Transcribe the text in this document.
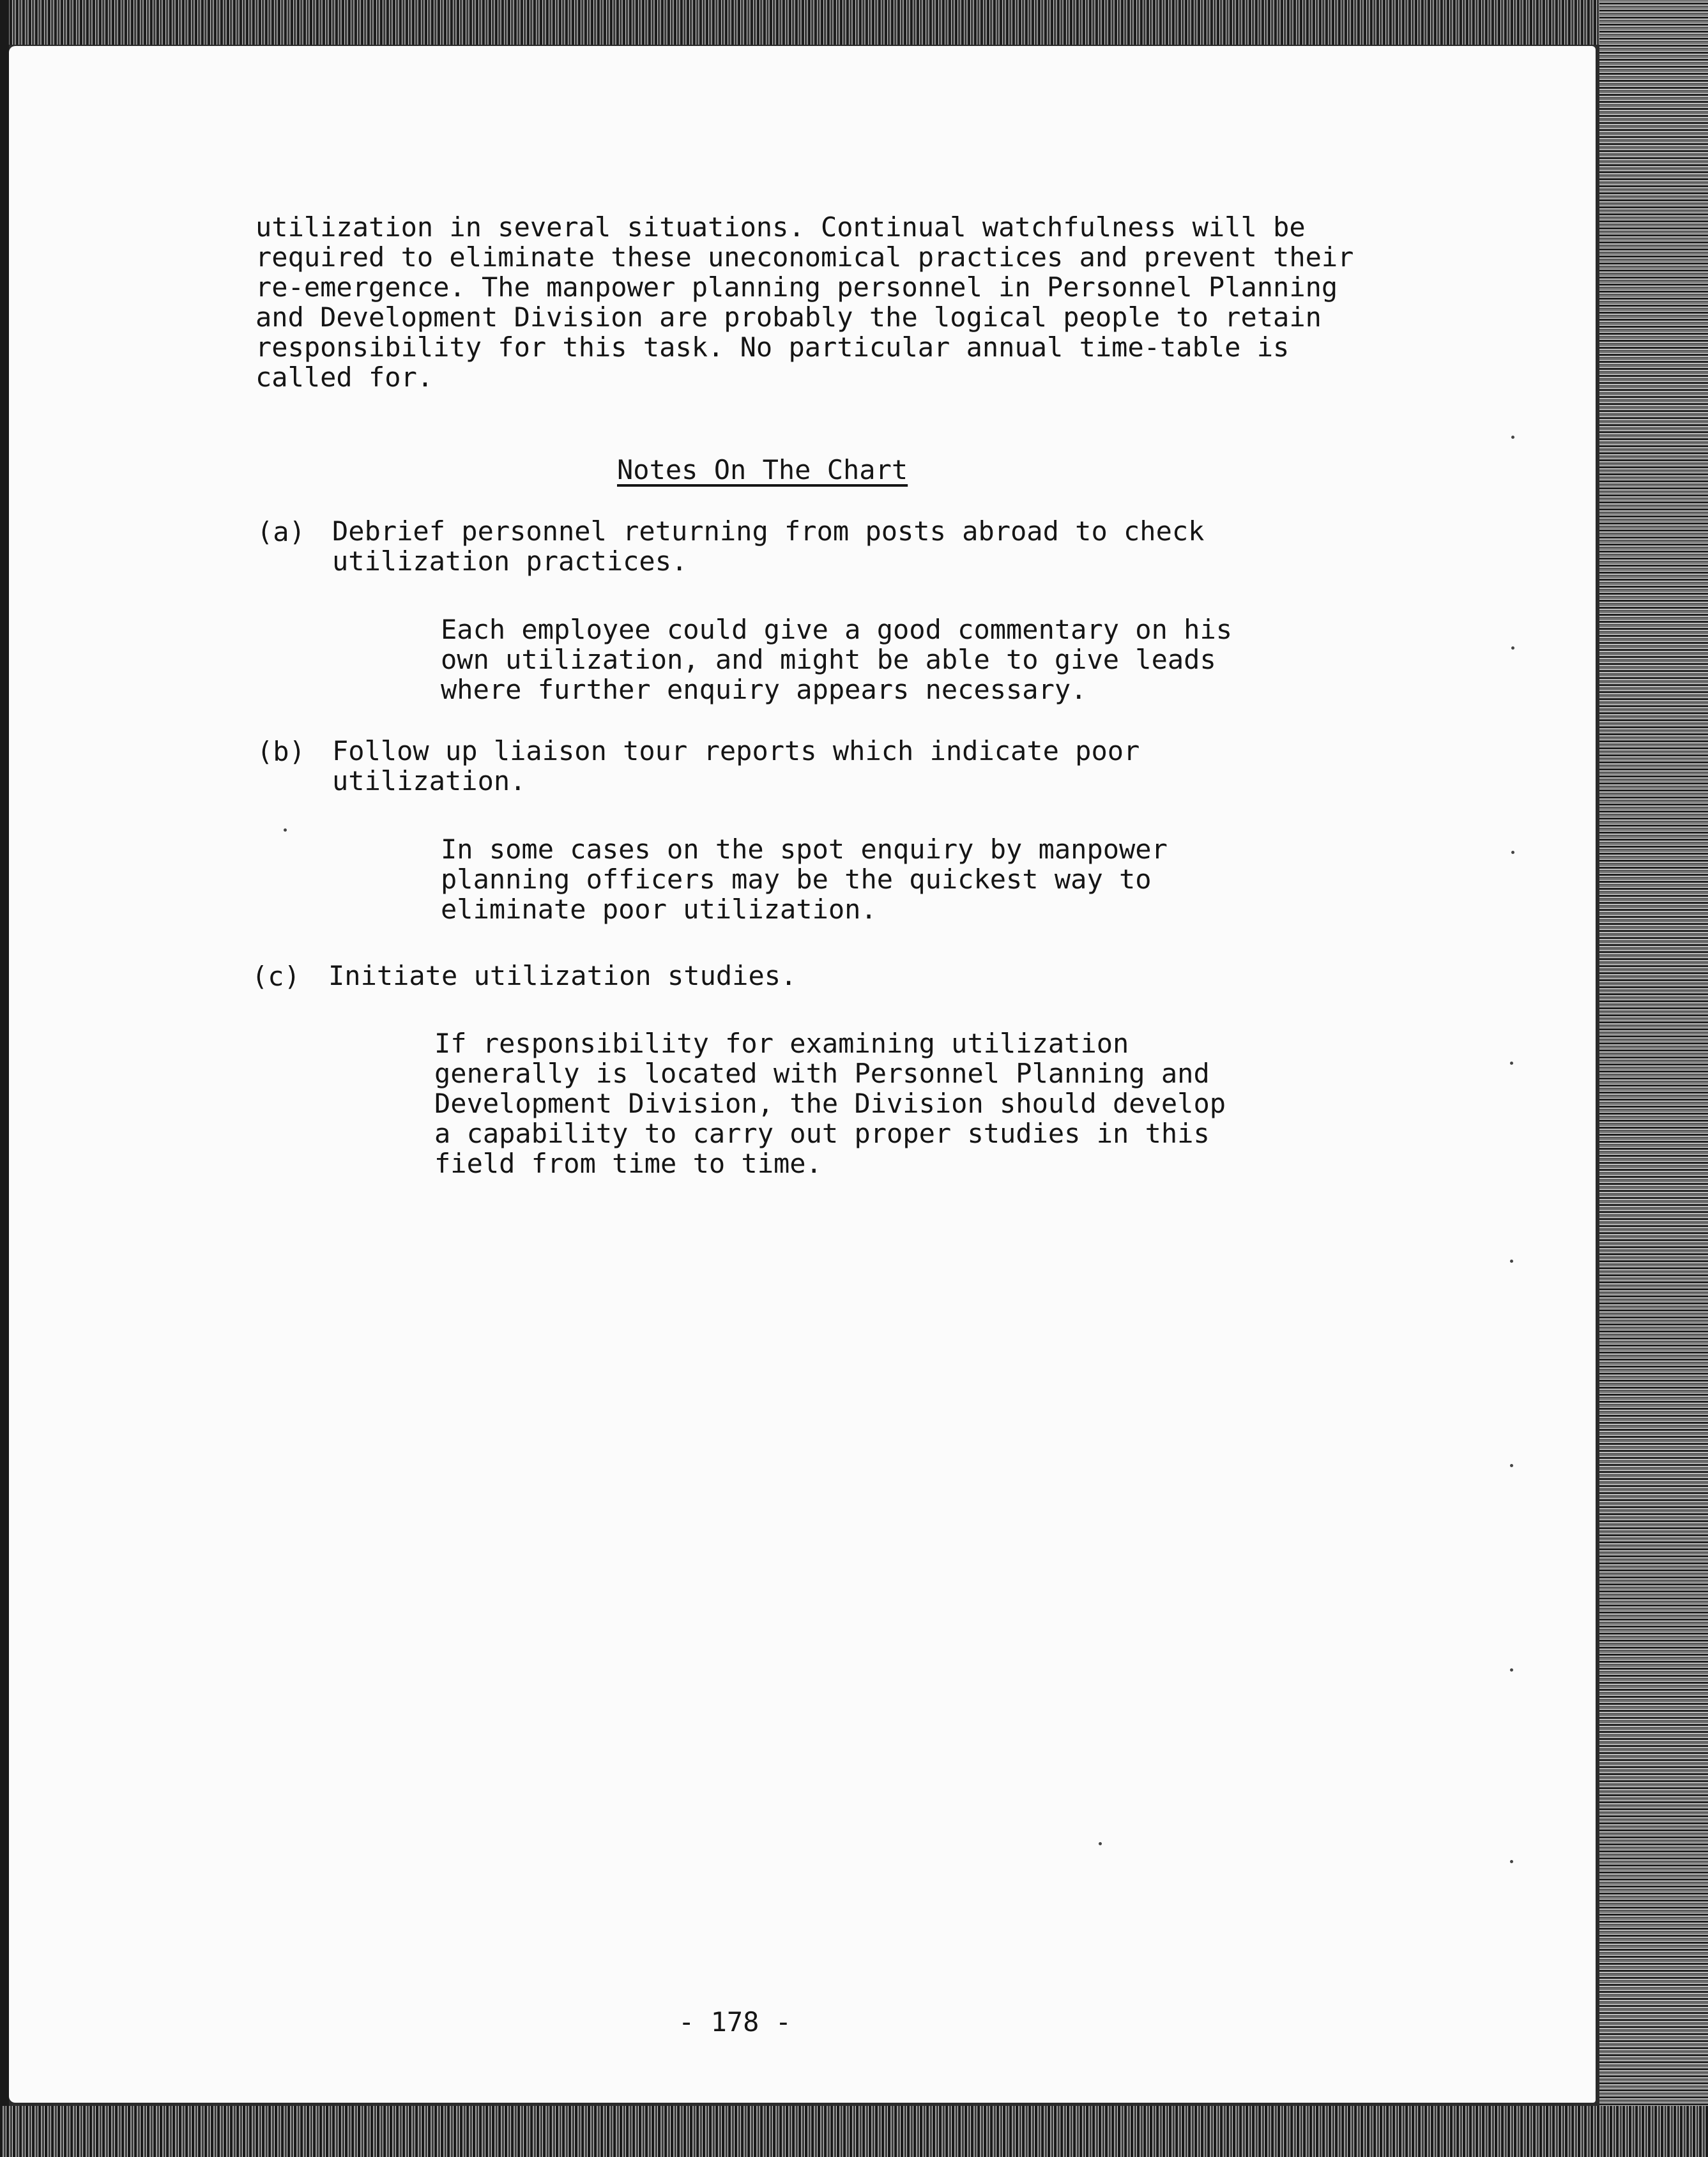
utilization in several situations. Continual watchfulness will be
required to eliminate these uneconomical practices and prevent their
re-emergence. The manpower planning personnel in Personnel Planning
and Development Division are probably the logical people to retain
responsibility for this task. No particular annual time-table is
called for.
Notes On The Chart
(a) Debrief personnel returning from posts abroad to check
utilization practices.
Each employee could give a good commentary on his
own utilization, and might be able to give leads
where further enquiry appears necessary.
(b) Follow up liaison tour reports which indicate poor
utilization.
In some cases on the spot enquiry by manpower
planning officers may be the quickest way to
eliminate poor utilization.
(c) Initiate utilization studies.
If responsibility for examining utilization
generally is located with Personnel Planning and
Development Division, the Division should develop
a capability to carry out proper studies in this
field from time to time.
- 178 -
